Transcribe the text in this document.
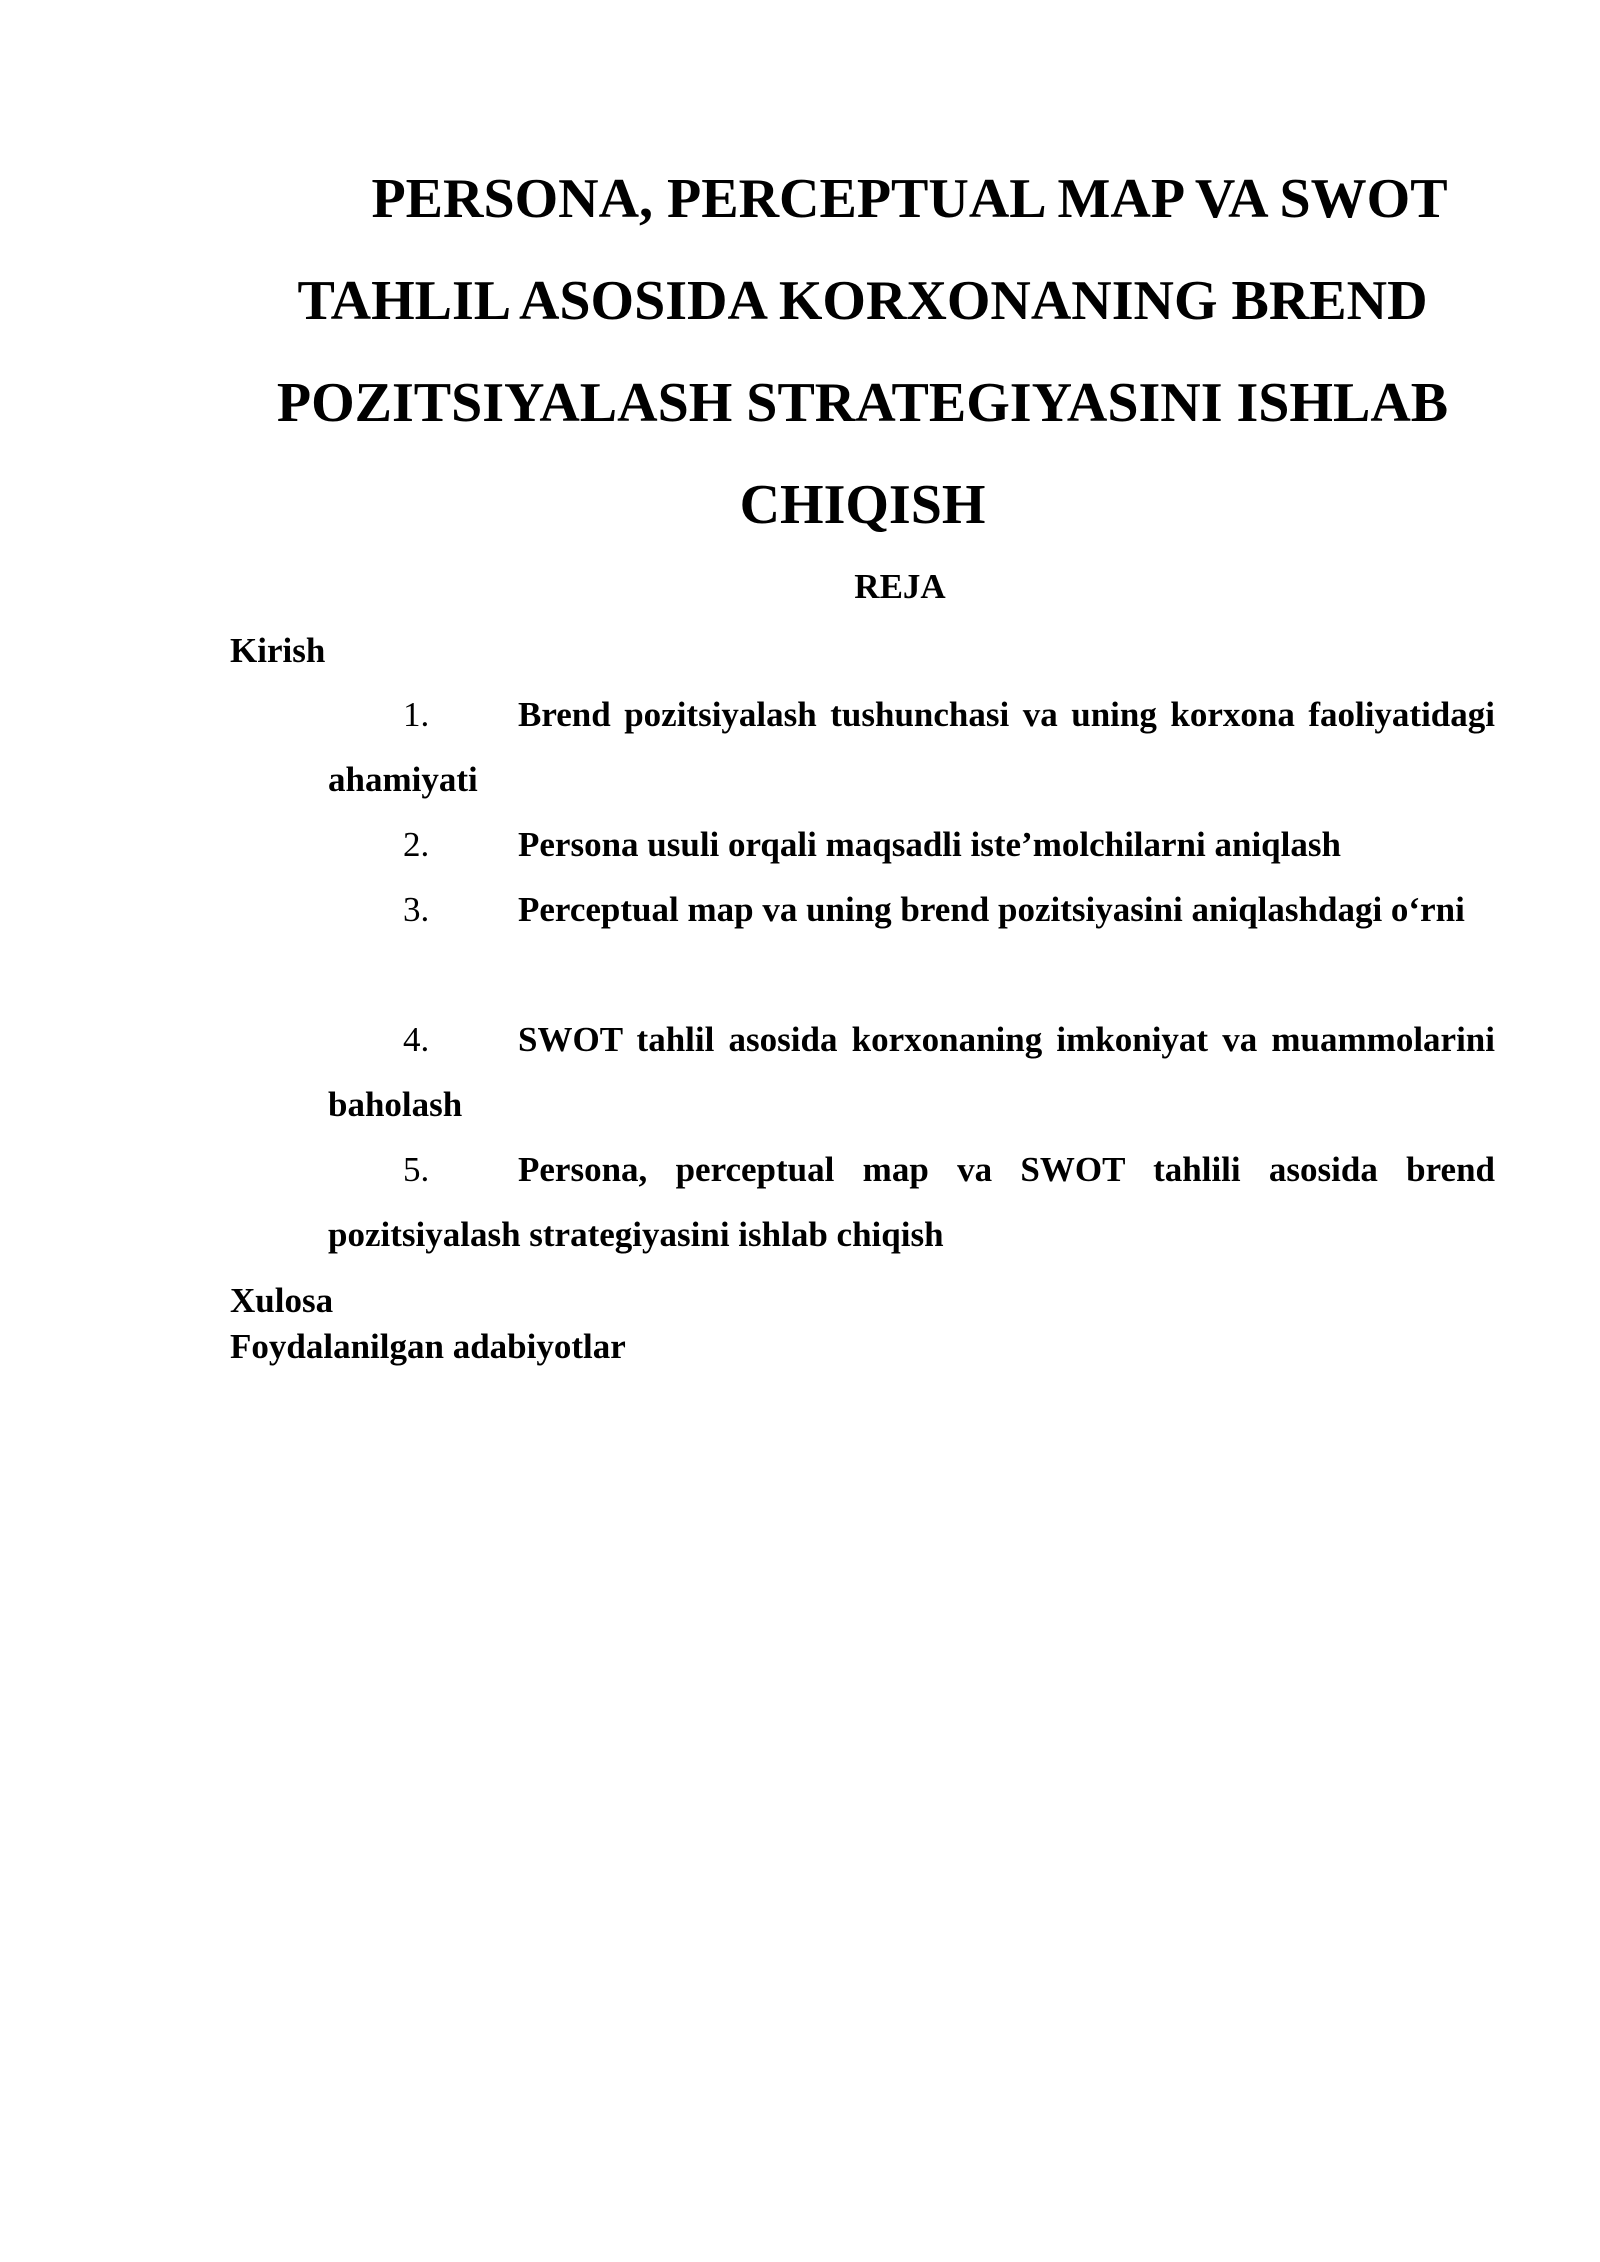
PERSONA, PERCEPTUAL MAP VA SWOT TAHLIL ASOSIDA KORXONANING BREND POZITSIYALASH STRATEGIYASINI ISHLAB CHIQISH
REJA
Kirish
1.	Brend pozitsiyalash tushunchasi va uning korxona faoliyatidagi ahamiyati
2.	Persona usuli orqali maqsadli iste’molchilarni aniqlash
3.	Perceptual map va uning brend pozitsiyasini aniqlashdagi o‘rni
4.	SWOT tahlil asosida korxonaning imkoniyat va muammolarini baholash
5.	Persona, perceptual map va SWOT tahlili asosida brend pozitsiyalash strategiyasini ishlab chiqish
Xulosa
Foydalanilgan adabiyotlar
